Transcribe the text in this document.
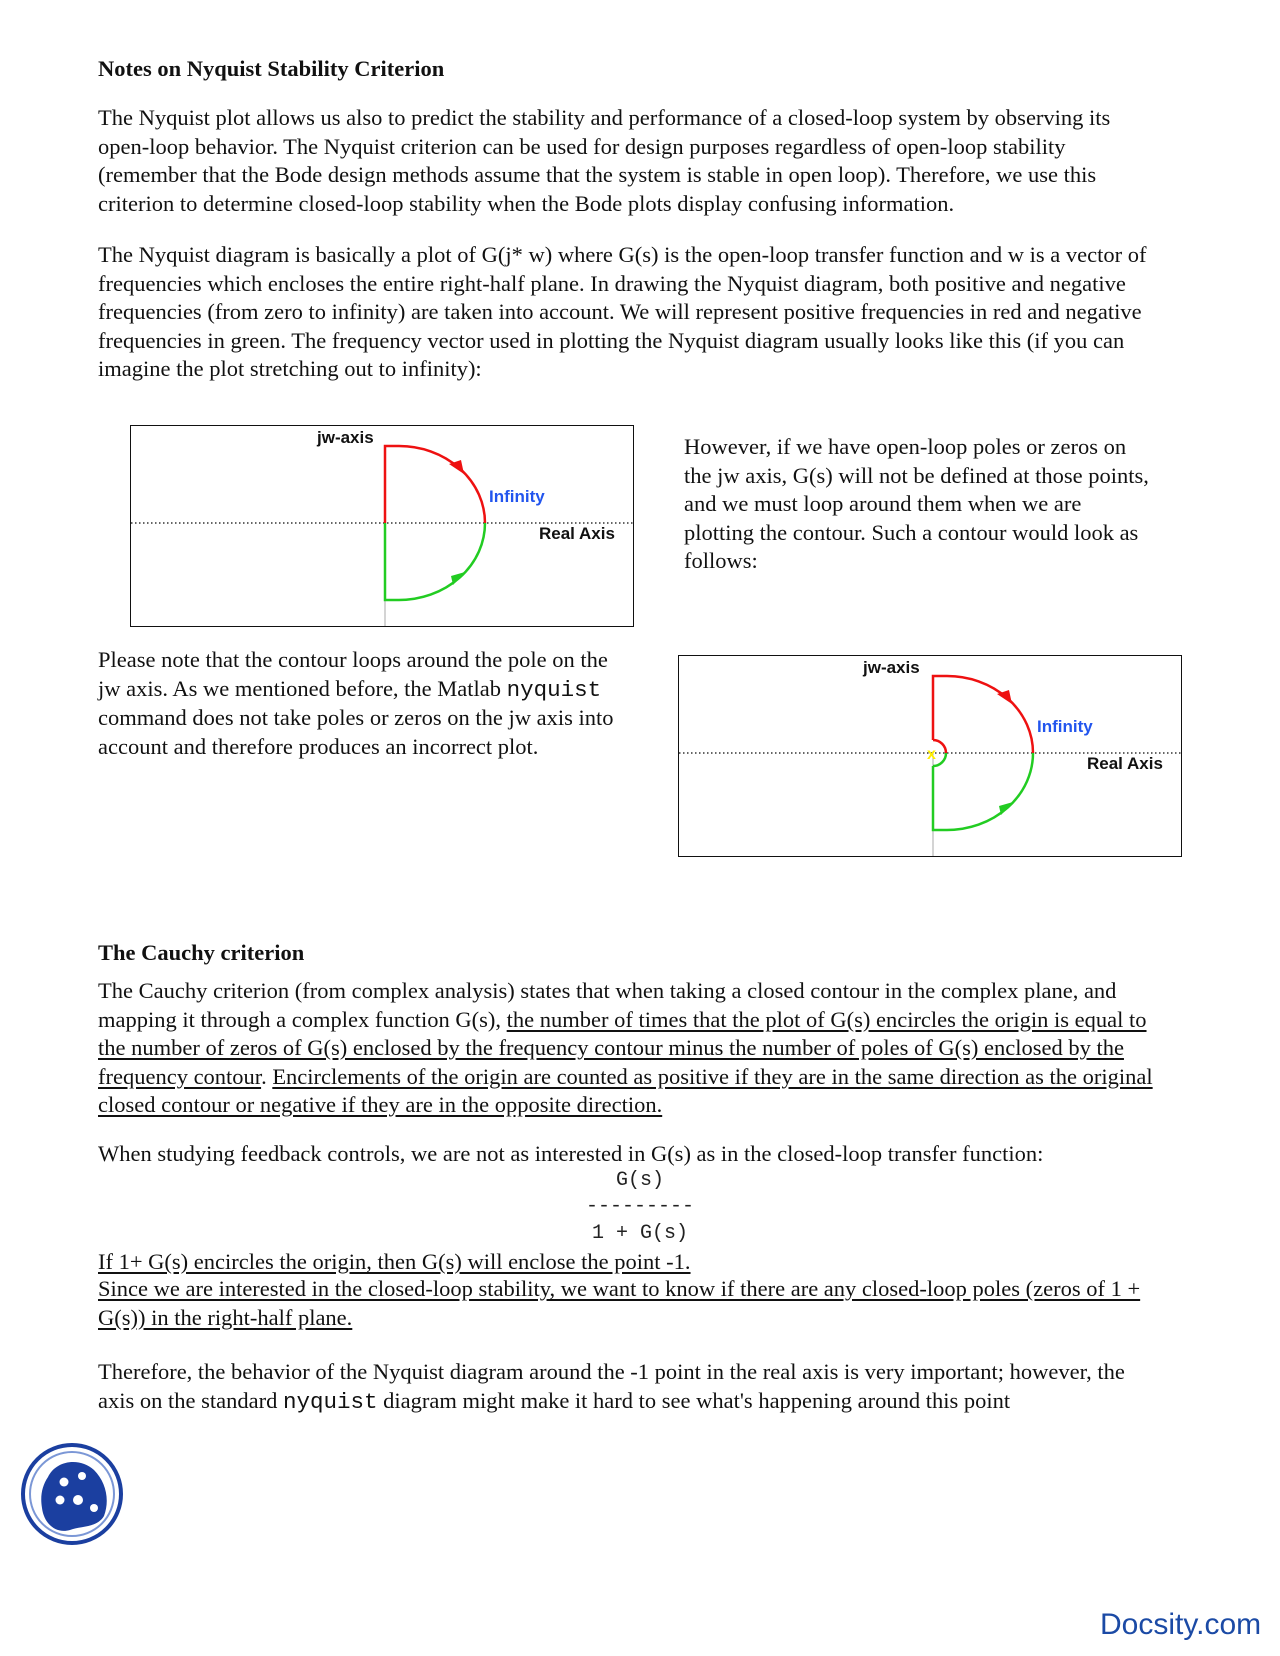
Notes on Nyquist Stability Criterion

The Nyquist plot allows us also to predict the stability and performance of a closed-loop system by observing its open-loop behavior. The Nyquist criterion can be used for design purposes regardless of open-loop stability (remember that the Bode design methods assume that the system is stable in open loop). Therefore, we use this criterion to determine closed-loop stability when the Bode plots display confusing information.

The Nyquist diagram is basically a plot of G(j* w) where G(s) is the open-loop transfer function and w is a vector of frequencies which encloses the entire right-half plane. In drawing the Nyquist diagram, both positive and negative frequencies (from zero to infinity) are taken into account. We will represent positive frequencies in red and negative frequencies in green. The frequency vector used in plotting the Nyquist diagram usually looks like this (if you can imagine the plot stretching out to infinity):

jw-axis
Infinity
Real Axis

However, if we have open-loop poles or zeros on the jw axis, G(s) will not be defined at those points, and we must loop around them when we are plotting the contour. Such a contour would look as follows:

Please note that the contour loops around the pole on the jw axis. As we mentioned before, the Matlab nyquist command does not take poles or zeros on the jw axis into account and therefore produces an incorrect plot.	x
jw-axis
Infinity
Real Axis
The Cauchy criterion

The Cauchy criterion (from complex analysis) states that when taking a closed contour in the complex plane, and mapping it through a complex function G(s), the number of times that the plot of G(s) encircles the origin is equal to the number of zeros of G(s) enclosed by the frequency contour minus the number of poles of G(s) enclosed by the frequency contour. Encirclements of the origin are counted as positive if they are in the same direction as the original closed contour or negative if they are in the opposite direction.

When studying feedback controls, we are not as interested in G(s) as in the closed-loop transfer function:

G(s)
---------
1 + G(s)

If 1+ G(s) encircles the origin, then G(s) will enclose the point -1.

Since we are interested in the closed-loop stability, we want to know if there are any closed-loop poles (zeros of 1 + G(s)) in the right-half plane.

Therefore, the behavior of the Nyquist diagram around the -1 point in the real axis is very important; however, the axis on the standard nyquist diagram might make it hard to see what's happening around this point

Docsity.com
